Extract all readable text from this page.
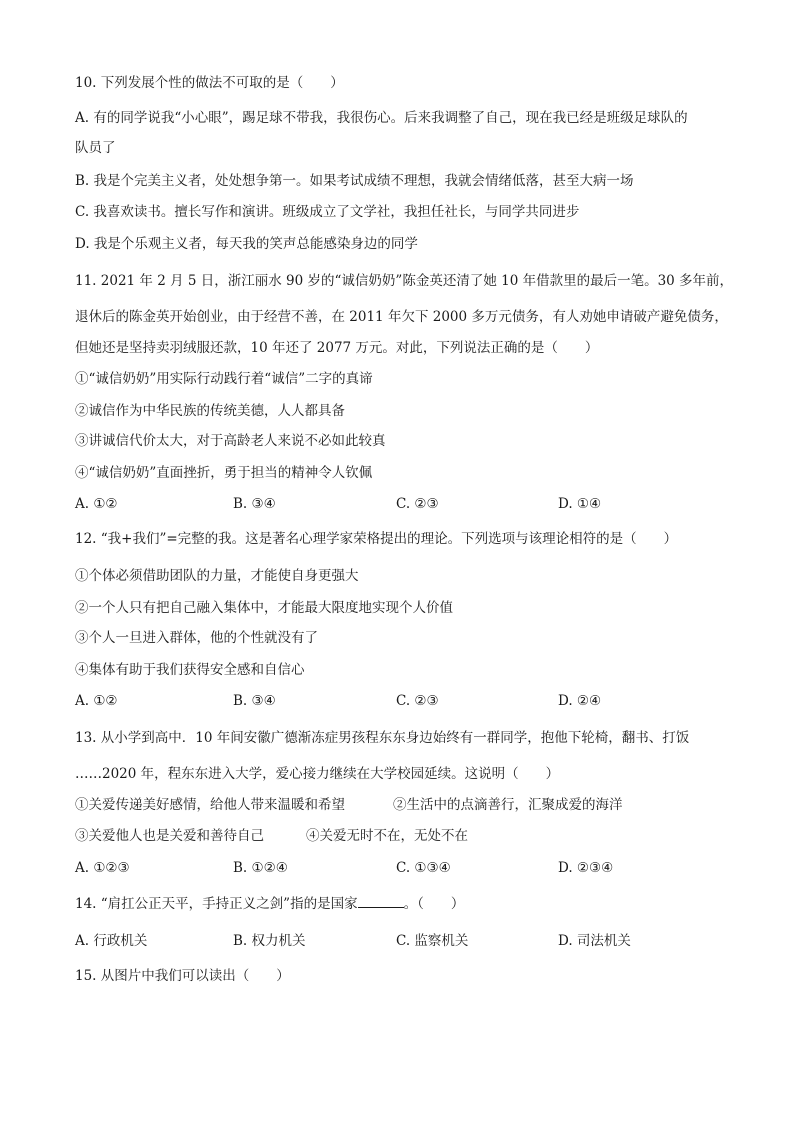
10. 下列发展个性的做法不可取的是（　　）
A. 有的同学说我“小心眼”，踢足球不带我，我很伤心。后来我调整了自己，现在我已经是班级足球队的
队员了
B. 我是个完美主义者，处处想争第一。如果考试成绩不理想，我就会情绪低落，甚至大病一场
C. 我喜欢读书。擅长写作和演讲。班级成立了文学社，我担任社长，与同学共同进步
D. 我是个乐观主义者，每天我的笑声总能感染身边的同学
11. 2021 年 2 月 5 日，浙江丽水 90 岁的“诚信奶奶”陈金英还清了她 10 年借款里的最后一笔。30 多年前，
退休后的陈金英开始创业，由于经营不善，在 2011 年欠下 2000 多万元债务，有人劝她申请破产避免债务，
但她还是坚持卖羽绒服还款，10 年还了 2077 万元。对此，下列说法正确的是（　　）
①“诚信奶奶”用实际行动践行着“诚信”二字的真谛
②诚信作为中华民族的传统美德，人人都具备
③讲诚信代价太大，对于高龄老人来说不必如此较真
④“诚信奶奶”直面挫折，勇于担当的精神令人钦佩
A. ①②	B. ③④	C. ②③	D. ①④
12. “我+我们”=完整的我。这是著名心理学家荣格提出的理论。下列选项与该理论相符的是（　　）
①个体必须借助团队的力量，才能使自身更强大
②一个人只有把自己融入集体中，才能最大限度地实现个人价值
③个人一旦进入群体，他的个性就没有了
④集体有助于我们获得安全感和自信心
A. ①②	B. ③④	C. ②③	D. ②④
13. 从小学到高中．10 年间安徽广德渐冻症男孩程东东身边始终有一群同学，抱他下轮椅，翻书、打饭
……2020 年，程东东进入大学，爱心接力继续在大学校园延续。这说明（　　）
①关爱传递美好感情，给他人带来温暖和希望	②生活中的点滴善行，汇聚成爱的海洋
③关爱他人也是关爱和善待自己	④关爱无时不在，无处不在
A. ①②③	B. ①②④	C. ①③④	D. ②③④
14. “肩扛公正天平，手持正义之剑”指的是国家	。（　　）
A. 行政机关	B. 权力机关	C. 监察机关	D. 司法机关
15. 从图片中我们可以读出（　　）
